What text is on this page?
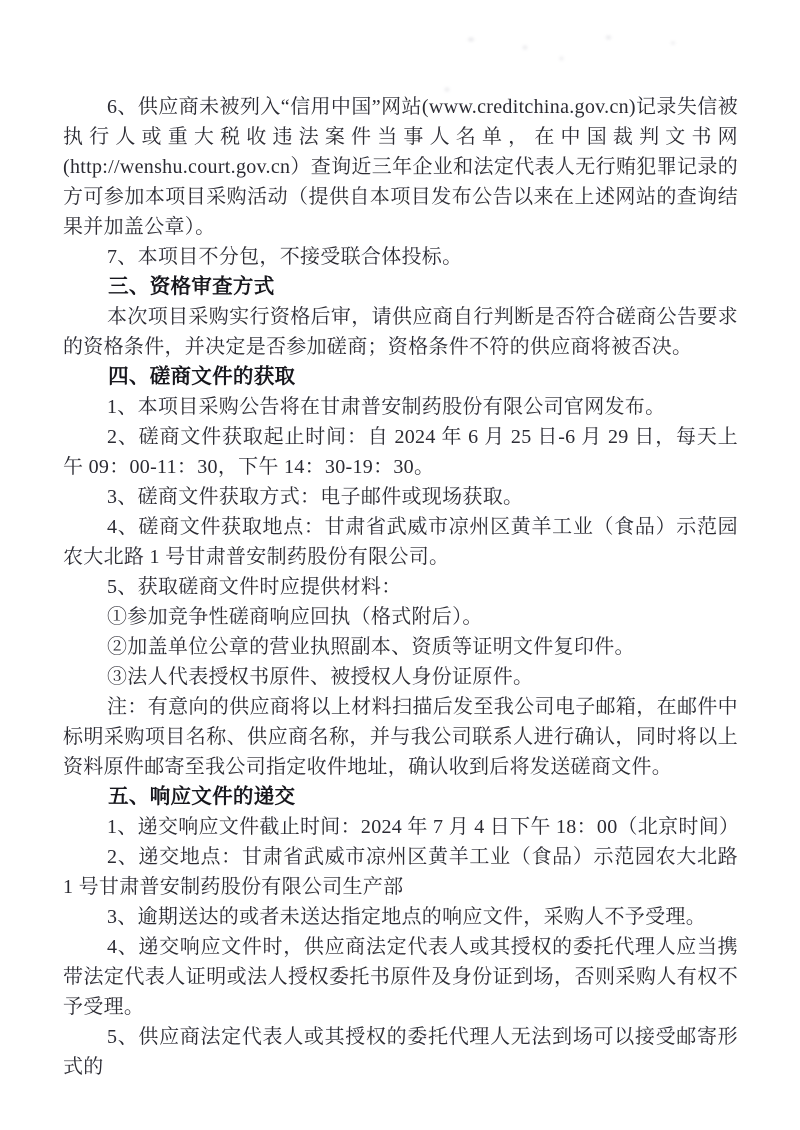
6、供应商未被列入“信用中国”网站(www.creditchina.gov.cn)记录失信被执行人或重大税收违法案件当事人名单，在中国裁判文书网(http://wenshu.court.gov.cn）查询近三年企业和法定代表人无行贿犯罪记录的方可参加本项目采购活动（提供自本项目发布公告以来在上述网站的查询结果并加盖公章）。

7、本项目不分包，不接受联合体投标。

三、资格审查方式

本次项目采购实行资格后审，请供应商自行判断是否符合磋商公告要求的资格条件，并决定是否参加磋商；资格条件不符的供应商将被否决。

四、磋商文件的获取

1、本项目采购公告将在甘肃普安制药股份有限公司官网发布。

2、磋商文件获取起止时间：自 2024 年 6 月 25 日-6 月 29 日，每天上午 09：00-11：30，下午 14：30-19：30。

3、磋商文件获取方式：电子邮件或现场获取。

4、磋商文件获取地点：甘肃省武威市凉州区黄羊工业（食品）示范园农大北路 1 号甘肃普安制药股份有限公司。

5、获取磋商文件时应提供材料：

①参加竞争性磋商响应回执（格式附后）。

②加盖单位公章的营业执照副本、资质等证明文件复印件。

③法人代表授权书原件、被授权人身份证原件。

注：有意向的供应商将以上材料扫描后发至我公司电子邮箱，在邮件中标明采购项目名称、供应商名称，并与我公司联系人进行确认，同时将以上资料原件邮寄至我公司指定收件地址，确认收到后将发送磋商文件。

五、响应文件的递交

1、递交响应文件截止时间：2024 年 7 月 4 日下午 18：00（北京时间）

2、递交地点：甘肃省武威市凉州区黄羊工业（食品）示范园农大北路 1 号甘肃普安制药股份有限公司生产部

3、逾期送达的或者未送达指定地点的响应文件，采购人不予受理。

4、递交响应文件时，供应商法定代表人或其授权的委托代理人应当携带法定代表人证明或法人授权委托书原件及身份证到场，否则采购人有权不予受理。

5、供应商法定代表人或其授权的委托代理人无法到场可以接受邮寄形式的
